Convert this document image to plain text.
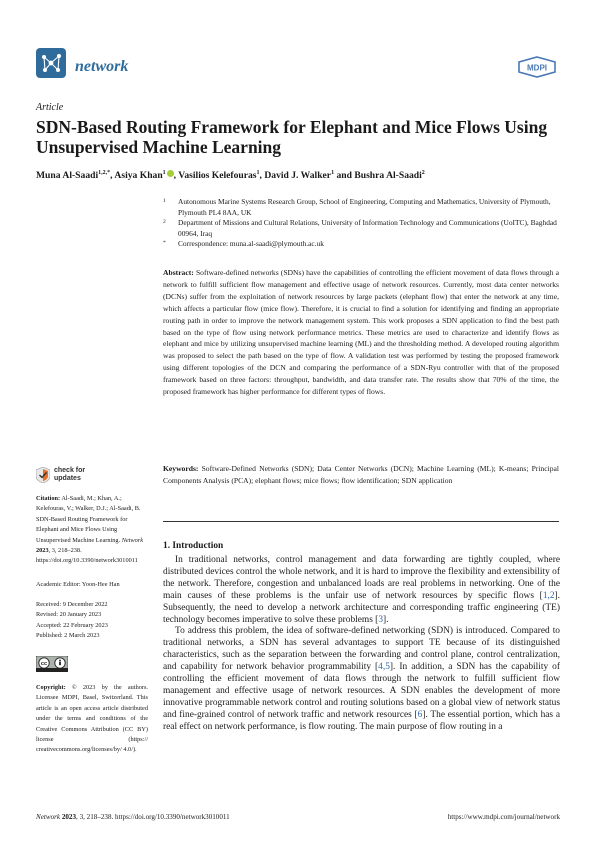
network	MDPI
Article
SDN-Based Routing Framework for Elephant and Mice Flows Using Unsupervised Machine Learning
Muna Al-Saadi$^{1,2,*}$, Asiya Khan$^1$ , Vasilios Kelefouras$^1$, David J. Walker$^1$ and Bushra Al-Saadi$^2$
1 Autonomous Marine Systems Research Group, School of Engineering, Computing and Mathematics, University of Plymouth, Plymouth PL4 8AA, UK
2 Department of Missions and Cultural Relations, University of Information Technology and Communications (UoITC), Baghdad 00964, Iraq
* Correspondence: muna.al-saadi@plymouth.ac.uk
Abstract: Software-defined networks (SDNs) have the capabilities of controlling the efficient movement of data flows through a network to fulfill sufficient flow management and effective usage of network resources. Currently, most data center networks (DCNs) suffer from the exploitation of network resources by large packets (elephant flow) that enter the network at any time, which affects a particular flow (mice flow). Therefore, it is crucial to find a solution for identifying and finding an appropriate routing path in order to improve the network management system. This work proposes a SDN application to find the best path based on the type of flow using network performance metrics. These metrics are used to characterize and identify flows as elephant and mice by utilizing unsupervised machine learning (ML) and the thresholding method. A developed routing algorithm was proposed to select the path based on the type of flow. A validation test was performed by testing the proposed framework using different topologies of the DCN and comparing the performance of a SDN-Ryu controller with that of the proposed framework based on three factors: throughput, bandwidth, and data transfer rate. The results show that 70% of the time, the proposed framework has higher performance for different types of flows.
Keywords: Software-Defined Networks (SDN); Data Center Networks (DCN); Machine Learning (ML); K-means; Principal Components Analysis (PCA); elephant flows; mice flows; flow identification; SDN application
check for
updates
Citation: Al-Saadi, M.; Khan, A.; Kelefouras, V.; Walker, D.J.; Al-Saadi, B. SDN-Based Routing Framework for Elephant and Mice Flows Using Unsupervised Machine Learning. Network 2023, 3, 218–238. https://doi.org/10.3390/network3010011
Academic Editor: Yoon-Hee Han
Received: 9 December 2022
Revised: 20 January 2023
Accepted: 22 February 2023
Published: 2 March 2023
cc
Copyright: © 2023 by the authors. Licensee MDPI, Basel, Switzerland. This article is an open access article distributed under the terms and conditions of the Creative Commons Attribution (CC BY) license (https:// creativecommons.org/licenses/by/ 4.0/).
1. Introduction

In traditional networks, control management and data forwarding are tightly coupled, where distributed devices control the whole network, and it is hard to improve the flexibility and extensibility of the network. Therefore, congestion and unbalanced loads are real problems in networking. One of the main causes of these problems is the unfair use of network resources by specific flows [1,2]. Subsequently, the need to develop a network architecture and corresponding traffic engineering (TE) technology becomes imperative to solve these problems [3].

To address this problem, the idea of software-defined networking (SDN) is introduced. Compared to traditional networks, a SDN has several advantages to support TE because of its distinguished characteristics, such as the separation between the forwarding and control plane, control centralization, and capability for network behavior programmability [4,5]. In addition, a SDN has the capability of controlling the efficient movement of data flows through the network to fulfill sufficient flow management and effective usage of network resources. A SDN enables the development of more innovative programmable network control and routing solutions based on a global view of network status and fine-grained control of network traffic and network resources [6]. The essential portion, which has a real effect on network performance, is flow routing. The main purpose of flow routing in a

Network 2023, 3, 218–238. https://doi.org/10.3390/network3010011	https://www.mdpi.com/journal/network
